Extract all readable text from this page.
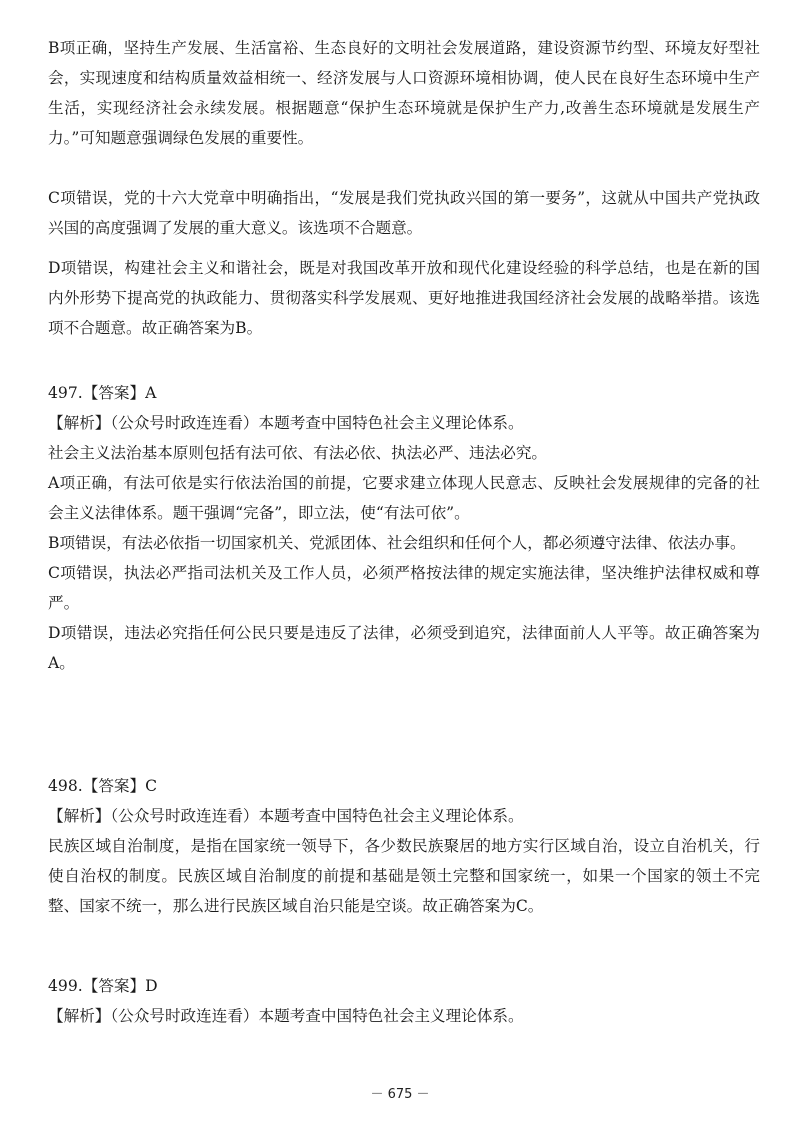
B项正确，坚持生产发展、生活富裕、生态良好的文明社会发展道路，建设资源节约型、环境友好型社会，实现速度和结构质量效益相统一、经济发展与人口资源环境相协调，使人民在良好生态环境中生产生活，实现经济社会永续发展。根据题意“保护生态环境就是保护生产力,改善生态环境就是发展生产力。”可知题意强调绿色发展的重要性。

C项错误，党的十六大党章中明确指出，“发展是我们党执政兴国的第一要务”，这就从中国共产党执政兴国的高度强调了发展的重大意义。该选项不合题意。

D项错误，构建社会主义和谐社会，既是对我国改革开放和现代化建设经验的科学总结，也是在新的国内外形势下提高党的执政能力、贯彻落实科学发展观、更好地推进我国经济社会发展的战略举措。该选项不合题意。故正确答案为B。

497.【答案】A

【解析】（公众号时政连连看）本题考查中国特色社会主义理论体系。

社会主义法治基本原则包括有法可依、有法必依、执法必严、违法必究。

A项正确，有法可依是实行依法治国的前提，它要求建立体现人民意志、反映社会发展规律的完备的社会主义法律体系。题干强调“完备”，即立法，使“有法可依”。

B项错误，有法必依指一切国家机关、党派团体、社会组织和任何个人，都必须遵守法律、依法办事。

C项错误，执法必严指司法机关及工作人员，必须严格按法律的规定实施法律，坚决维护法律权威和尊严。

D项错误，违法必究指任何公民只要是违反了法律，必须受到追究，法律面前人人平等。故正确答案为A。

498.【答案】C

【解析】（公众号时政连连看）本题考查中国特色社会主义理论体系。

民族区域自治制度，是指在国家统一领导下，各少数民族聚居的地方实行区域自治，设立自治机关，行使自治权的制度。民族区域自治制度的前提和基础是领土完整和国家统一，如果一个国家的领土不完整、国家不统一，那么进行民族区域自治只能是空谈。故正确答案为C。

499.【答案】D

【解析】（公众号时政连连看）本题考查中国特色社会主义理论体系。

－ 675 －
